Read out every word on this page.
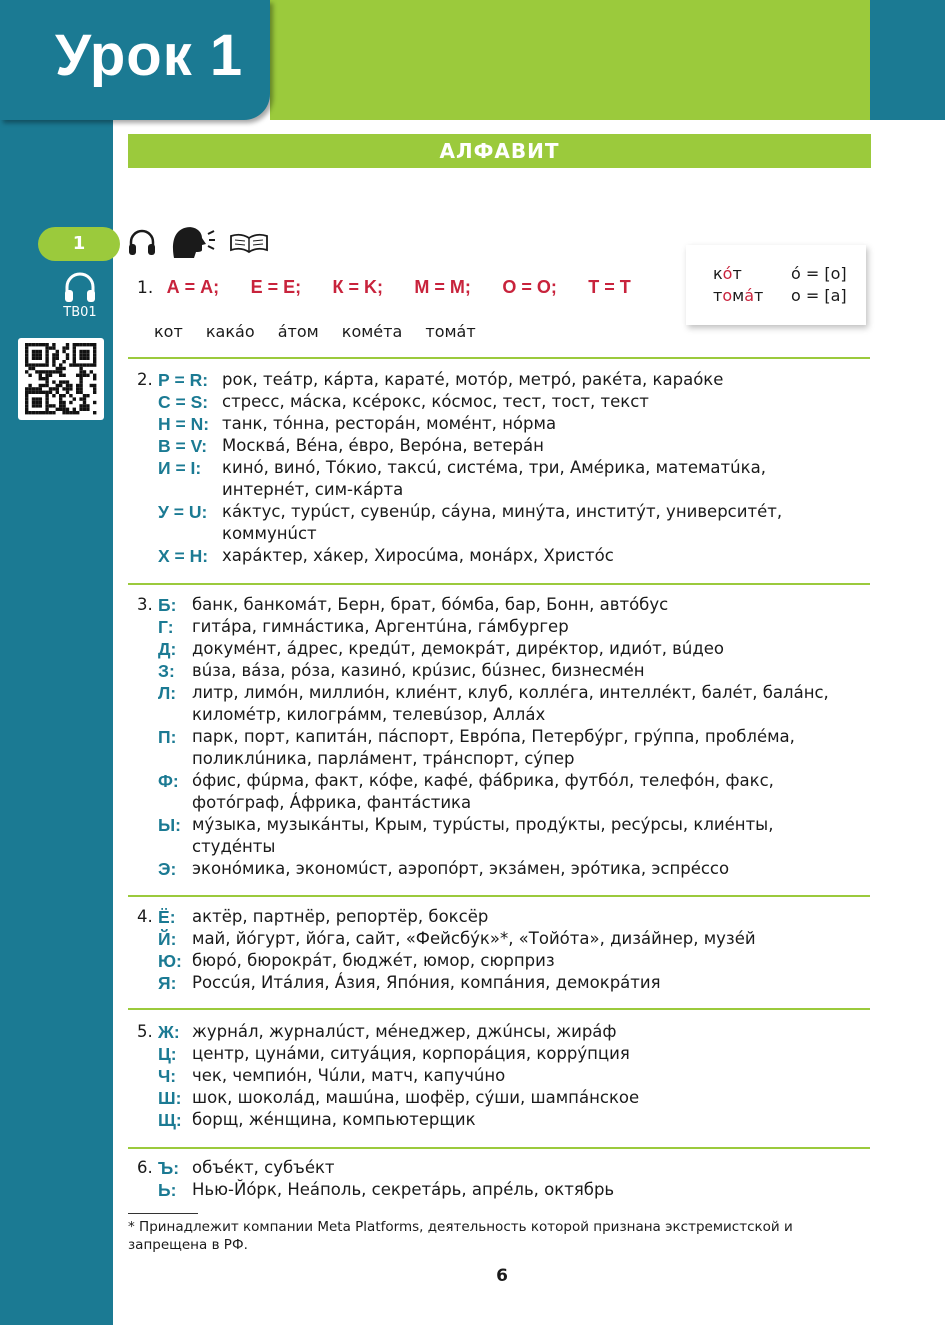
Урок 1
АЛФАВИТ
1
TB01

1. А = A; Е = E; К = K; М = M; О = O; Т = T
кот какáо áтом комéта томáт
ко́т	ó = [o]
томáт o = [a]
2. Р = R: рок, теáтр, кáрта, каратé, мотóр, метрó, ракéта, караóке
С = S: стресс, мáска, ксéрокс, кóсмос, тест, тост, текст
Н = N: танк, тóнна, ресторáн, момéнт, нóрма
В = V: Москвá, Вéна, éвро, Верóна, ветерáн
И = I: кинó, винó, Тóкио, таксú, систéма, три, Амéрика, математúка,
интернéт, сим-кáрта
У = U: кáктус, турúст, сувенúр, сáуна, минýта, институ́т, университéт,
коммунúст
Х = H: харáктер, хáкер, Хиросúма, монáрх, Христóс
3. Б: банк, банкомáт, Берн, брат, бóмба, бар, Бонн, автóбус
Г: гитáра, гимнáстика, Аргентúна, гáмбургер
Д: докумéнт, áдрес, кредúт, демокрáт, дирéктор, идиóт, вúдео
З: вúза, вáза, рóза, казинó, крúзис, бúзнес, бизнесмéн
Л: литр, лимóн, миллиóн, клиéнт, клуб, коллéга, интеллéкт, балéт, бaлáнс,
киломéтр, килогрáмм, телевúзор, Аллáх
П: парк, порт, капитáн, пáспорт, Еврóпа, Петербýрг, грýппа, проблéма,
поликлúника, парлáмент, трáнспорт, сýпер
Ф: óфис, фúрма, факт, кóфе, кафé, фáбрика, футбóл, телефóн, факс,
фотóграф, Áфрика, фантáстика
Ы: мýзыка, музыкáнты, Крым, турúсты, продýкты, ресýрсы, клиéнты,
студéнты
Э: эконóмика, экономúст, аэропóрт, экзáмен, эрóтика, эспрéссо
4. Ё: актёр, партнёр, репортёр, боксёр
Й: май, йóгурт, йóга, сайт, «Фейсбýк»*, «Тойóта», дизáйнер, музéй
Ю: бюрó, бюрокрáт, бюджéт, юмор, сюрприз
Я: Россúя, Итáлия, Áзия, Япóния, компáния, демокрáтия
5. Ж: журнáл, журналúст, мéнеджер, джúнсы, жирáф
Ц: центр, цунáми, ситуáция, корпорáция, коррýпция
Ч: чек, чемпиóн, Чúли, матч, капучúно
Ш: шок, шоколáд, машúна, шофёр, сýши, шампáнское
Щ: борщ, жéнщина, компьютерщик
6. Ъ: объéкт, субъéкт
Ь: Нью-Йóрк, Неáполь, секретáрь, апрéль, октябрь
* Принадлежит компании Meta Platforms, деятельность которой признана экстремистской и запрещена в РФ.
6
